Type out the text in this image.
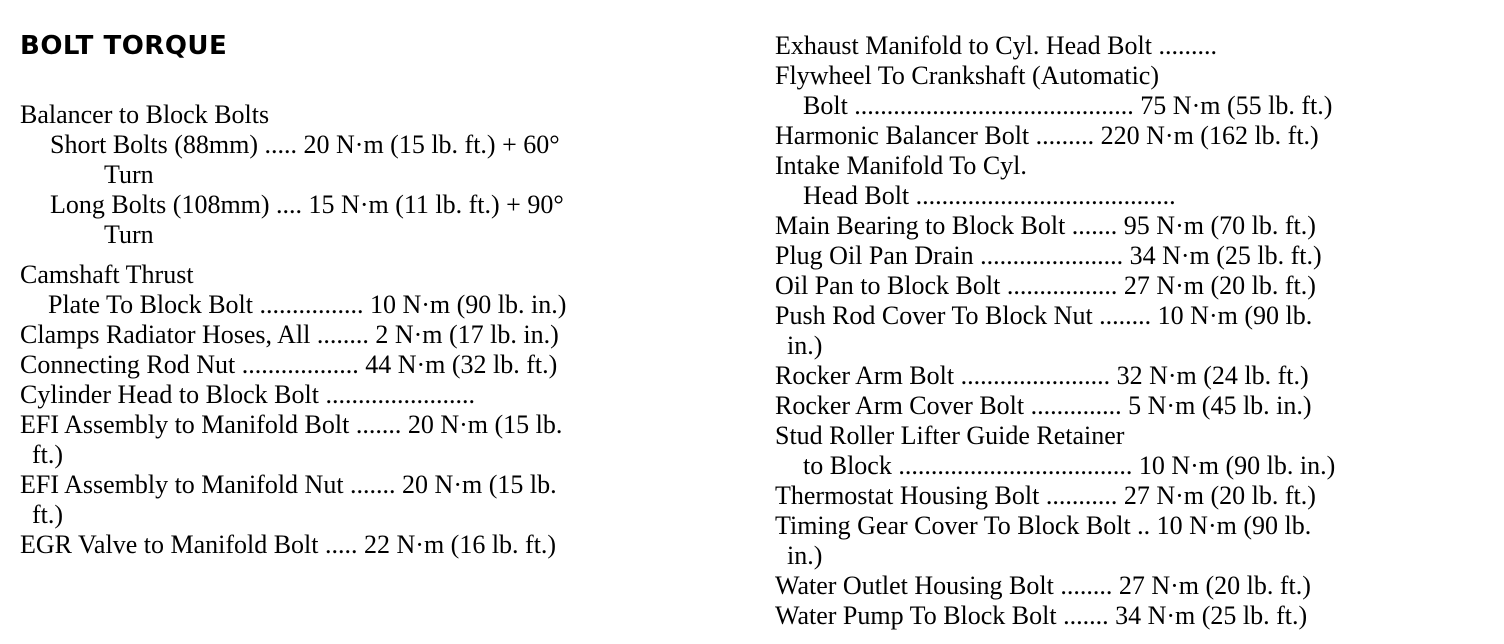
BOLT TORQUE
Balancer to Block Bolts
Short Bolts (88mm) ..... 20 N·m (15 lb. ft.) + 60°
Turn
Long Bolts (108mm) .... 15 N·m (11 lb. ft.) + 90°
Turn
Camshaft Thrust
Plate To Block Bolt ................ 10 N·m (90 lb. in.)
Clamps Radiator Hoses, All ........ 2 N·m (17 lb. in.)
Connecting Rod Nut .................. 44 N·m (32 lb. ft.)
Cylinder Head to Block Bolt .......................
EFI Assembly to Manifold Bolt ....... 20 N·m (15 lb.
ft.)
EFI Assembly to Manifold Nut ....... 20 N·m (15 lb.
ft.)
EGR Valve to Manifold Bolt ..... 22 N·m (16 lb. ft.)
Exhaust Manifold to Cyl. Head Bolt .........
Flywheel To Crankshaft (Automatic)
Bolt ........................................... 75 N·m (55 lb. ft.)
Harmonic Balancer Bolt ......... 220 N·m (162 lb. ft.)
Intake Manifold To Cyl.
Head Bolt ........................................
Main Bearing to Block Bolt ....... 95 N·m (70 lb. ft.)
Plug Oil Pan Drain ...................... 34 N·m (25 lb. ft.)
Oil Pan to Block Bolt ................. 27 N·m (20 lb. ft.)
Push Rod Cover To Block Nut ........ 10 N·m (90 lb.
in.)
Rocker Arm Bolt ....................... 32 N·m (24 lb. ft.)
Rocker Arm Cover Bolt .............. 5 N·m (45 lb. in.)
Stud Roller Lifter Guide Retainer
to Block .................................... 10 N·m (90 lb. in.)
Thermostat Housing Bolt ........... 27 N·m (20 lb. ft.)
Timing Gear Cover To Block Bolt .. 10 N·m (90 lb.
in.)
Water Outlet Housing Bolt ........ 27 N·m (20 lb. ft.)
Water Pump To Block Bolt ....... 34 N·m (25 lb. ft.)
